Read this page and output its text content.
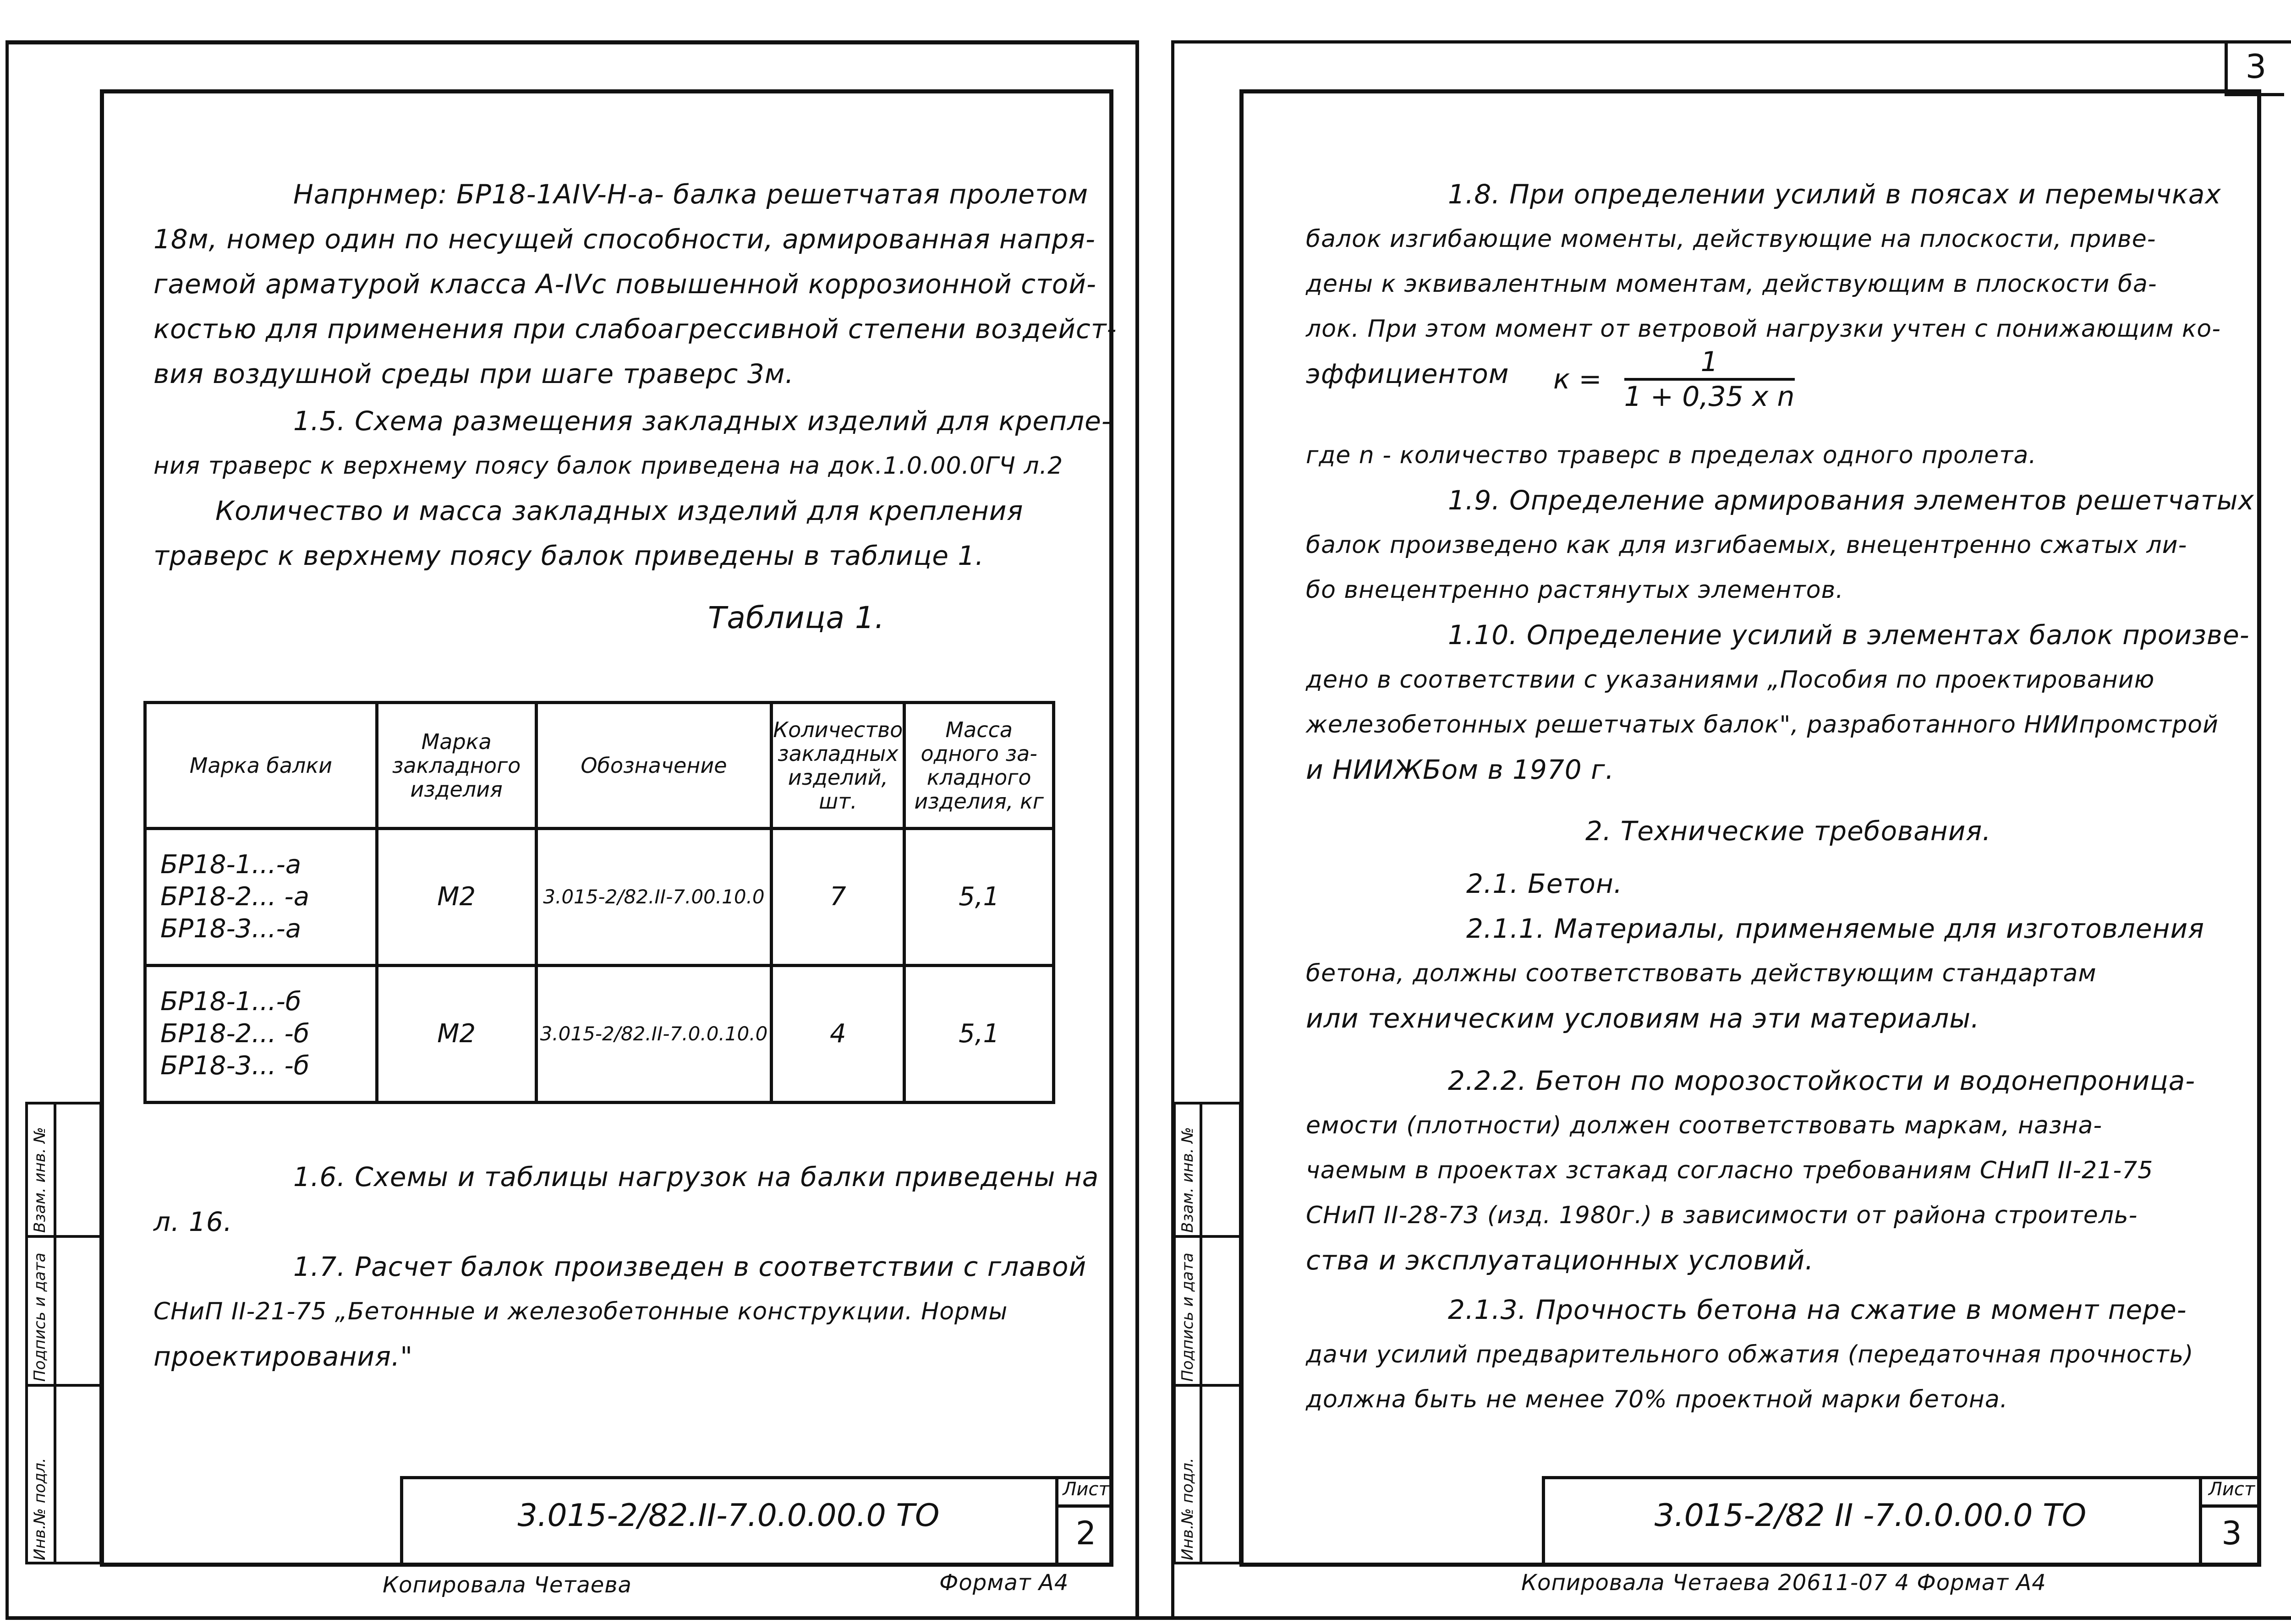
3
Взам. инв. №
Подпись и дата
Инв.№ подл.
Напрнмер: БР18-1АIV-Н-а- балка решетчатая пролетом
18м, номер один по несущей способности, армированная напря-
гаемой арматурой класса А-IVс повышенной коррозионной стой-
костью для применения при слабоагрессивной степени воздейст-
вия воздушной среды при шаге траверс 3м.
1.5. Схема размещения закладных изделий для крепле-
ния траверс к верхнему поясу балок приведена на док.1.0.00.0ГЧ л.2
Количество и масса закладных изделий для крепления
траверс к верхнему поясу балок приведены в таблице 1.
Таблица 1.
Марка балки	Марка закладного изделия	Обозначение	Количество закладных изделий, шт.	Масса одного за- кладного изделия, кг

БР18-1...-а
БР18-2... -а
БР18-3...-а	М2	3.015-2/82.II-7.00.10.0	7	5,1

БР18-1...-б
БР18-2... -б
БР18-3... -б	М2	3.015-2/82.II-7.0.0.10.0	4	5,1
1.6. Схемы и таблицы нагрузок на балки приведены на
л. 16.
1.7. Расчет балок произведен в соответствии с главой
СНиП II-21-75 „Бетонные и железобетонные конструкции. Нормы
проектирования."
3.015-2/82.II-7.0.0.00.0 ТО
Лист
2
Копировала Четаева	Формат А4
Взам. инв. №
Подпись и дата
Инв.№ подл.
1.8. При определении усилий в поясах и перемычках
балок изгибающие моменты, действующие на плоскости, приве-
дены к эквивалентным моментам, действующим в плоскости ба-
лок. При этом момент от ветровой нагрузки учтен с понижающим ко-
эффициентом $к = \frac{1}{\text{1 + 0,35 х n}}$
где n - количество траверс в пределах одного пролета.
1.9. Определение армирования элементов решетчатых
балок произведено как для изгибаемых, внецентренно сжатых ли-
бо внецентренно растянутых элементов.
1.10. Определение усилий в элементах балок произве-
дено в соответствии с указаниями „Пособия по проектированию
железобетонных решетчатых балок", разработанного НИИпромстрой
и НИИЖБом в 1970 г.
2. Технические требования.
2.1. Бетон.
2.1.1. Материалы, применяемые для изготовления
бетона, должны соответствовать действующим стандартам
или техническим условиям на эти материалы.
2.2.2. Бетон по морозостойкости и водонепроница-
емости (плотности) должен соответствовать маркам, назна-
чаемым в проектах зстакад согласно требованиям СНиП II-21-75
СНиП II-28-73 (изд. 1980г.) в зависимости от района строитель-
ства и эксплуатационных условий.
2.1.3. Прочность бетона на сжатие в момент пере-
дачи усилий предварительного обжатия (передаточная прочность)
должна быть не менее 70% проектной марки бетона.
3.015-2/82 II -7.0.0.00.0 ТО
Лист
3
Копировала Четаева 20611-07 4 Формат А4
